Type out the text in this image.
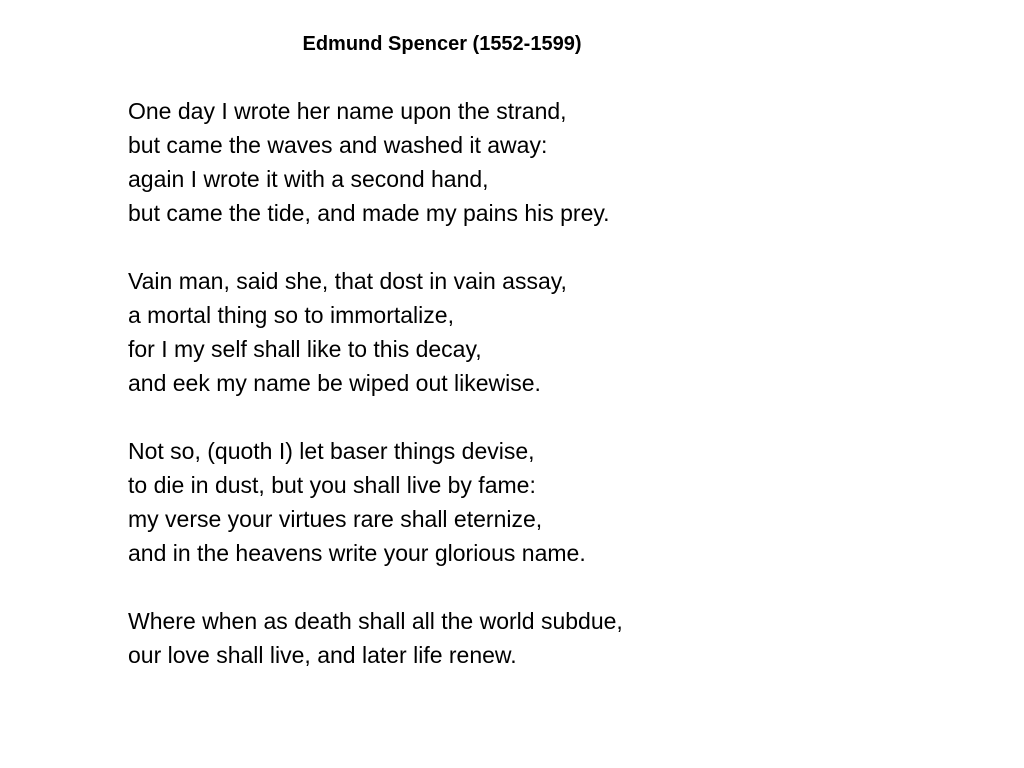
Edmund Spencer (1552-1599)
One day I wrote her name upon the strand,
but came the waves and washed it away:
again I wrote it with a second hand,
but came the tide, and made my pains his prey.
Vain man, said she, that dost in vain assay,
a mortal thing so to immortalize,
for I my self shall like to this decay,
and eek my name be wiped out likewise.
Not so, (quoth I) let baser things devise,
to die in dust, but you shall live by fame:
my verse your virtues rare shall eternize,
and in the heavens write your glorious name.
Where when as death shall all the world subdue,
our love shall live, and later life renew.
